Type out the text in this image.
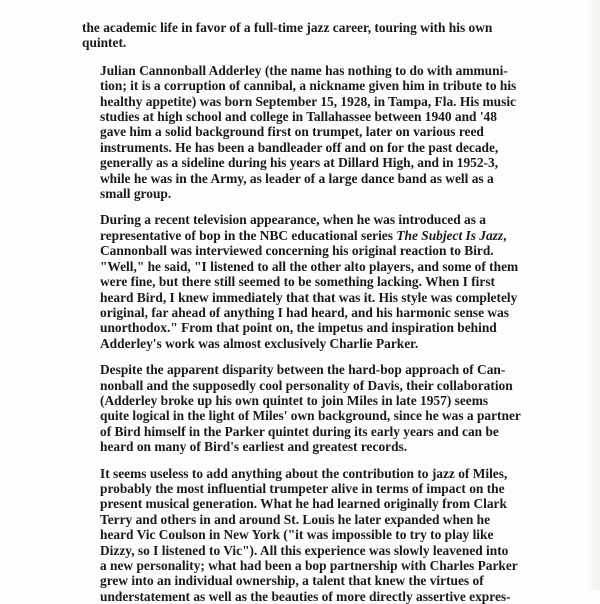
the academic life in favor of a full-time jazz career, touring with his own
quintet.

Julian Cannonball Adderley (the name has nothing to do with ammuni-
tion; it is a corruption of cannibal, a nickname given him in tribute to his
healthy appetite) was born September 15, 1928, in Tampa, Fla. His music
studies at high school and college in Tallahassee between 1940 and '48
gave him a solid background first on trumpet, later on various reed
instruments. He has been a bandleader off and on for the past decade,
generally as a sideline during his years at Dillard High, and in 1952-3,
while he was in the Army, as leader of a large dance band as well as a
small group.

During a recent television appearance, when he was introduced as a
representative of bop in the NBC educational series The Subject Is Jazz,
Cannonball was interviewed concerning his original reaction to Bird.
"Well," he said, "I listened to all the other alto players, and some of them
were fine, but there still seemed to be something lacking. When I first
heard Bird, I knew immediately that that was it. His style was completely
original, far ahead of anything I had heard, and his harmonic sense was
unorthodox." From that point on, the impetus and inspiration behind
Adderley's work was almost exclusively Charlie Parker.

Despite the apparent disparity between the hard-bop approach of Can-
nonball and the supposedly cool personality of Davis, their collaboration
(Adderley broke up his own quintet to join Miles in late 1957) seems
quite logical in the light of Miles' own background, since he was a partner
of Bird himself in the Parker quintet during its early years and can be
heard on many of Bird's earliest and greatest records.

It seems useless to add anything about the contribution to jazz of Miles,
probably the most influential trumpeter alive in terms of impact on the
present musical generation. What he had learned originally from Clark
Terry and others in and around St. Louis he later expanded when he
heard Vic Coulson in New York ("it was impossible to try to play like
Dizzy, so I listened to Vic"). All this experience was slowly leavened into
a new personality; what had been a bop partnership with Charles Parker
grew into an individual ownership, a talent that knew the virtues of
understatement as well as the beauties of more directly assertive expres-
